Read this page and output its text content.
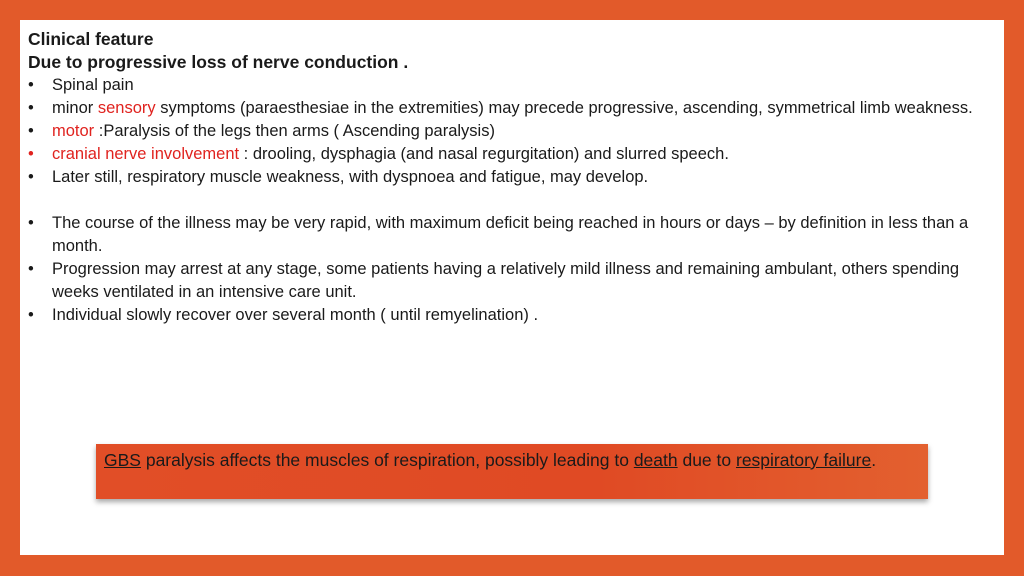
Clinical feature
Due to progressive loss of nerve conduction .
• Spinal pain
• minor sensory symptoms (paraesthesiae in the extremities) may precede progressive, ascending, symmetrical limb weakness.
• motor :Paralysis of the legs then arms ( Ascending paralysis)
• cranial nerve involvement : drooling, dysphagia (and nasal regurgitation) and slurred speech.
• Later still, respiratory muscle weakness, with dyspnoea and fatigue, may develop.
• The course of the illness may be very rapid, with maximum deficit being reached in hours or days – by definition in less than a month.
• Progression may arrest at any stage, some patients having a relatively mild illness and remaining ambulant, others spending weeks ventilated in an intensive care unit.
• Individual slowly recover over several month ( until remyelination) .
GBS paralysis affects the muscles of respiration, possibly leading to death due to respiratory failure.
